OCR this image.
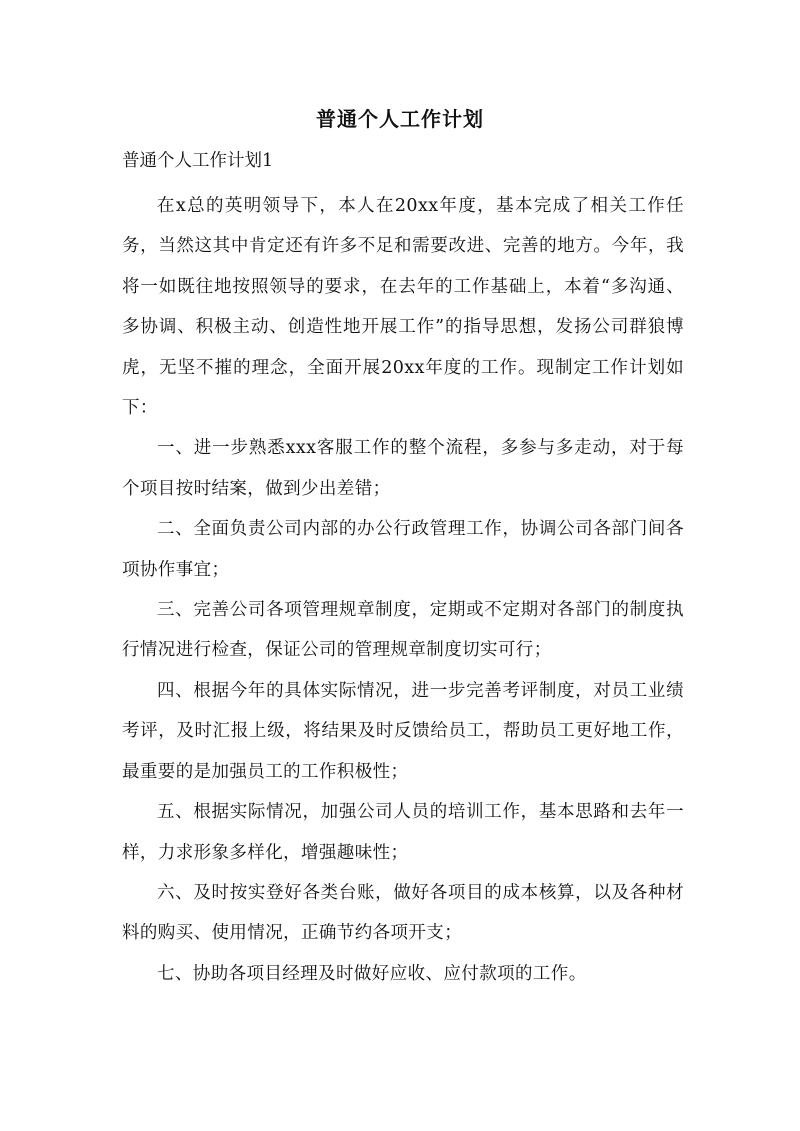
普通个人工作计划

普通个人工作计划1

在x总的英明领导下，本人在20xx年度，基本完成了相关工作任务，当然这其中肯定还有许多不足和需要改进、完善的地方。今年，我将一如既往地按照领导的要求，在去年的工作基础上，本着“多沟通、多协调、积极主动、创造性地开展工作”的指导思想，发扬公司群狼博虎，无坚不摧的理念，全面开展20xx年度的工作。现制定工作计划如下：

一、进一步熟悉xxx客服工作的整个流程，多参与多走动，对于每个项目按时结案，做到少出差错；

二、全面负责公司内部的办公行政管理工作，协调公司各部门间各项协作事宜；

三、完善公司各项管理规章制度，定期或不定期对各部门的制度执行情况进行检查，保证公司的管理规章制度切实可行；

四、根据今年的具体实际情况，进一步完善考评制度，对员工业绩考评，及时汇报上级，将结果及时反馈给员工，帮助员工更好地工作，最重要的是加强员工的工作积极性；

五、根据实际情况，加强公司人员的培训工作，基本思路和去年一样，力求形象多样化，增强趣味性；

六、及时按实登好各类台账，做好各项目的成本核算，以及各种材料的购买、使用情况，正确节约各项开支；

七、协助各项目经理及时做好应收、应付款项的工作。
